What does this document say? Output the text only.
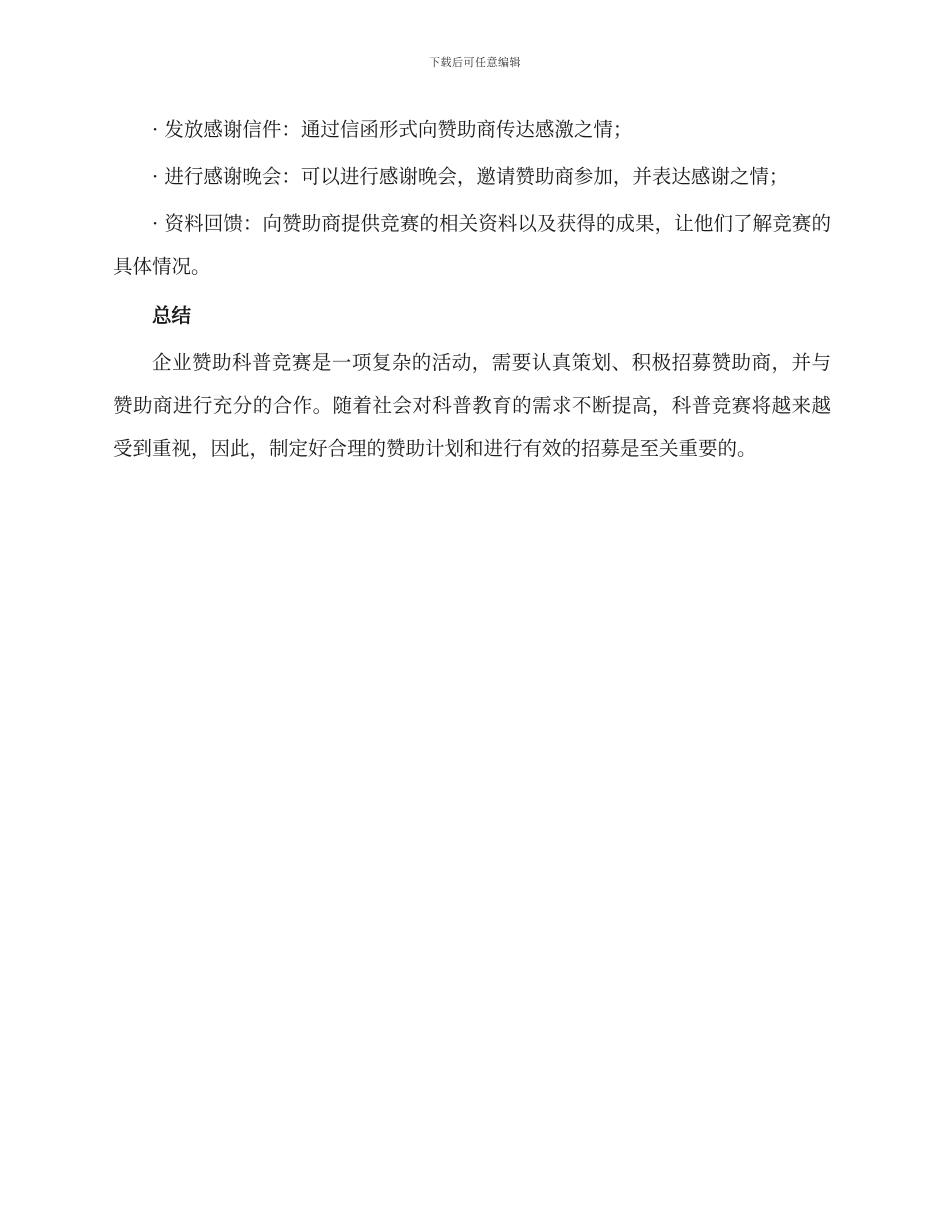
下载后可任意编辑

· 发放感谢信件：通过信函形式向赞助商传达感激之情；

· 进行感谢晚会：可以进行感谢晚会，邀请赞助商参加，并表达感谢之情；

· 资料回馈：向赞助商提供竞赛的相关资料以及获得的成果，让他们了解竞赛的具体情况。

总结

企业赞助科普竞赛是一项复杂的活动，需要认真策划、积极招募赞助商，并与赞助商进行充分的合作。随着社会对科普教育的需求不断提高，科普竞赛将越来越受到重视，因此，制定好合理的赞助计划和进行有效的招募是至关重要的。
